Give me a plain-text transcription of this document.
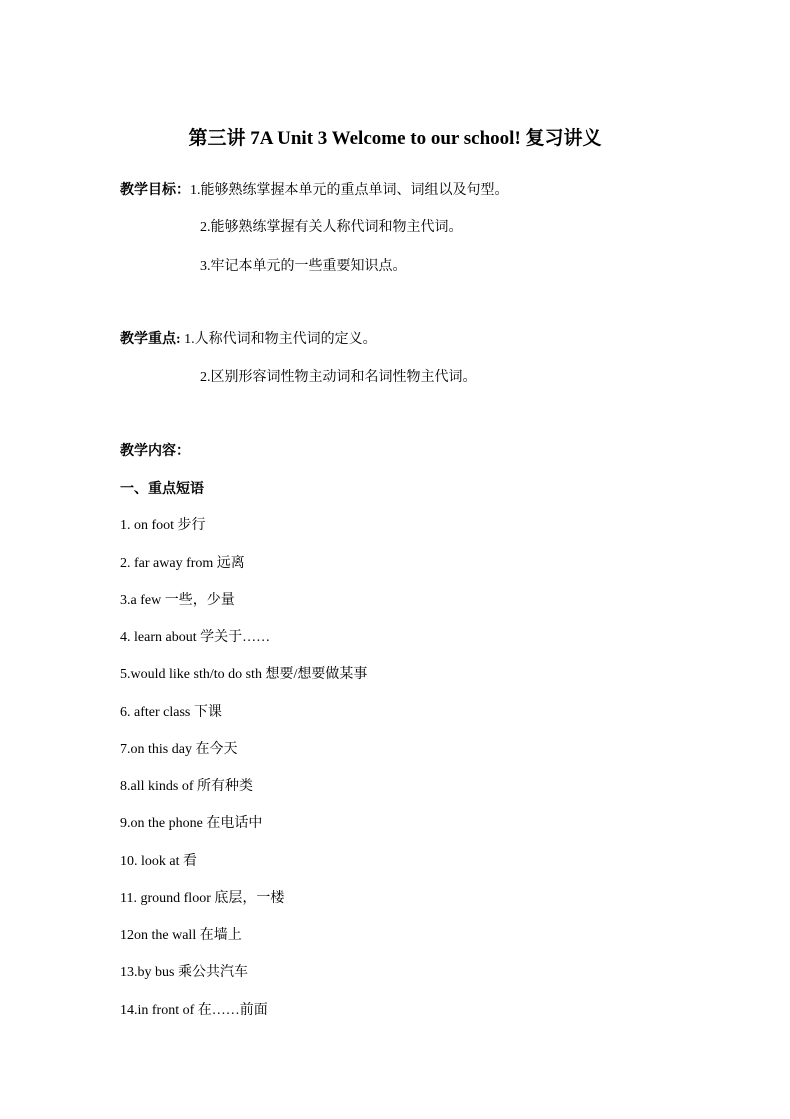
第三讲 7A Unit 3 Welcome to our school! 复习讲义
教学目标：1.能够熟练掌握本单元的重点单词、词组以及句型。
2.能够熟练掌握有关人称代词和物主代词。
3.牢记本单元的一些重要知识点。
教学重点: 1.人称代词和物主代词的定义。
2.区别形容词性物主动词和名词性物主代词。
教学内容：
一、重点短语
1. on foot 步行
2. far away from 远离
3.a few 一些，少量
4. learn about 学关于……
5.would like sth/to do sth 想要/想要做某事
6. after class 下课
7.on this day 在今天
8.all kinds of 所有种类
9.on the phone 在电话中
10. look at 看
11. ground floor 底层，一楼
12on the wall 在墙上
13.by bus 乘公共汽车
14.in front of 在……前面
